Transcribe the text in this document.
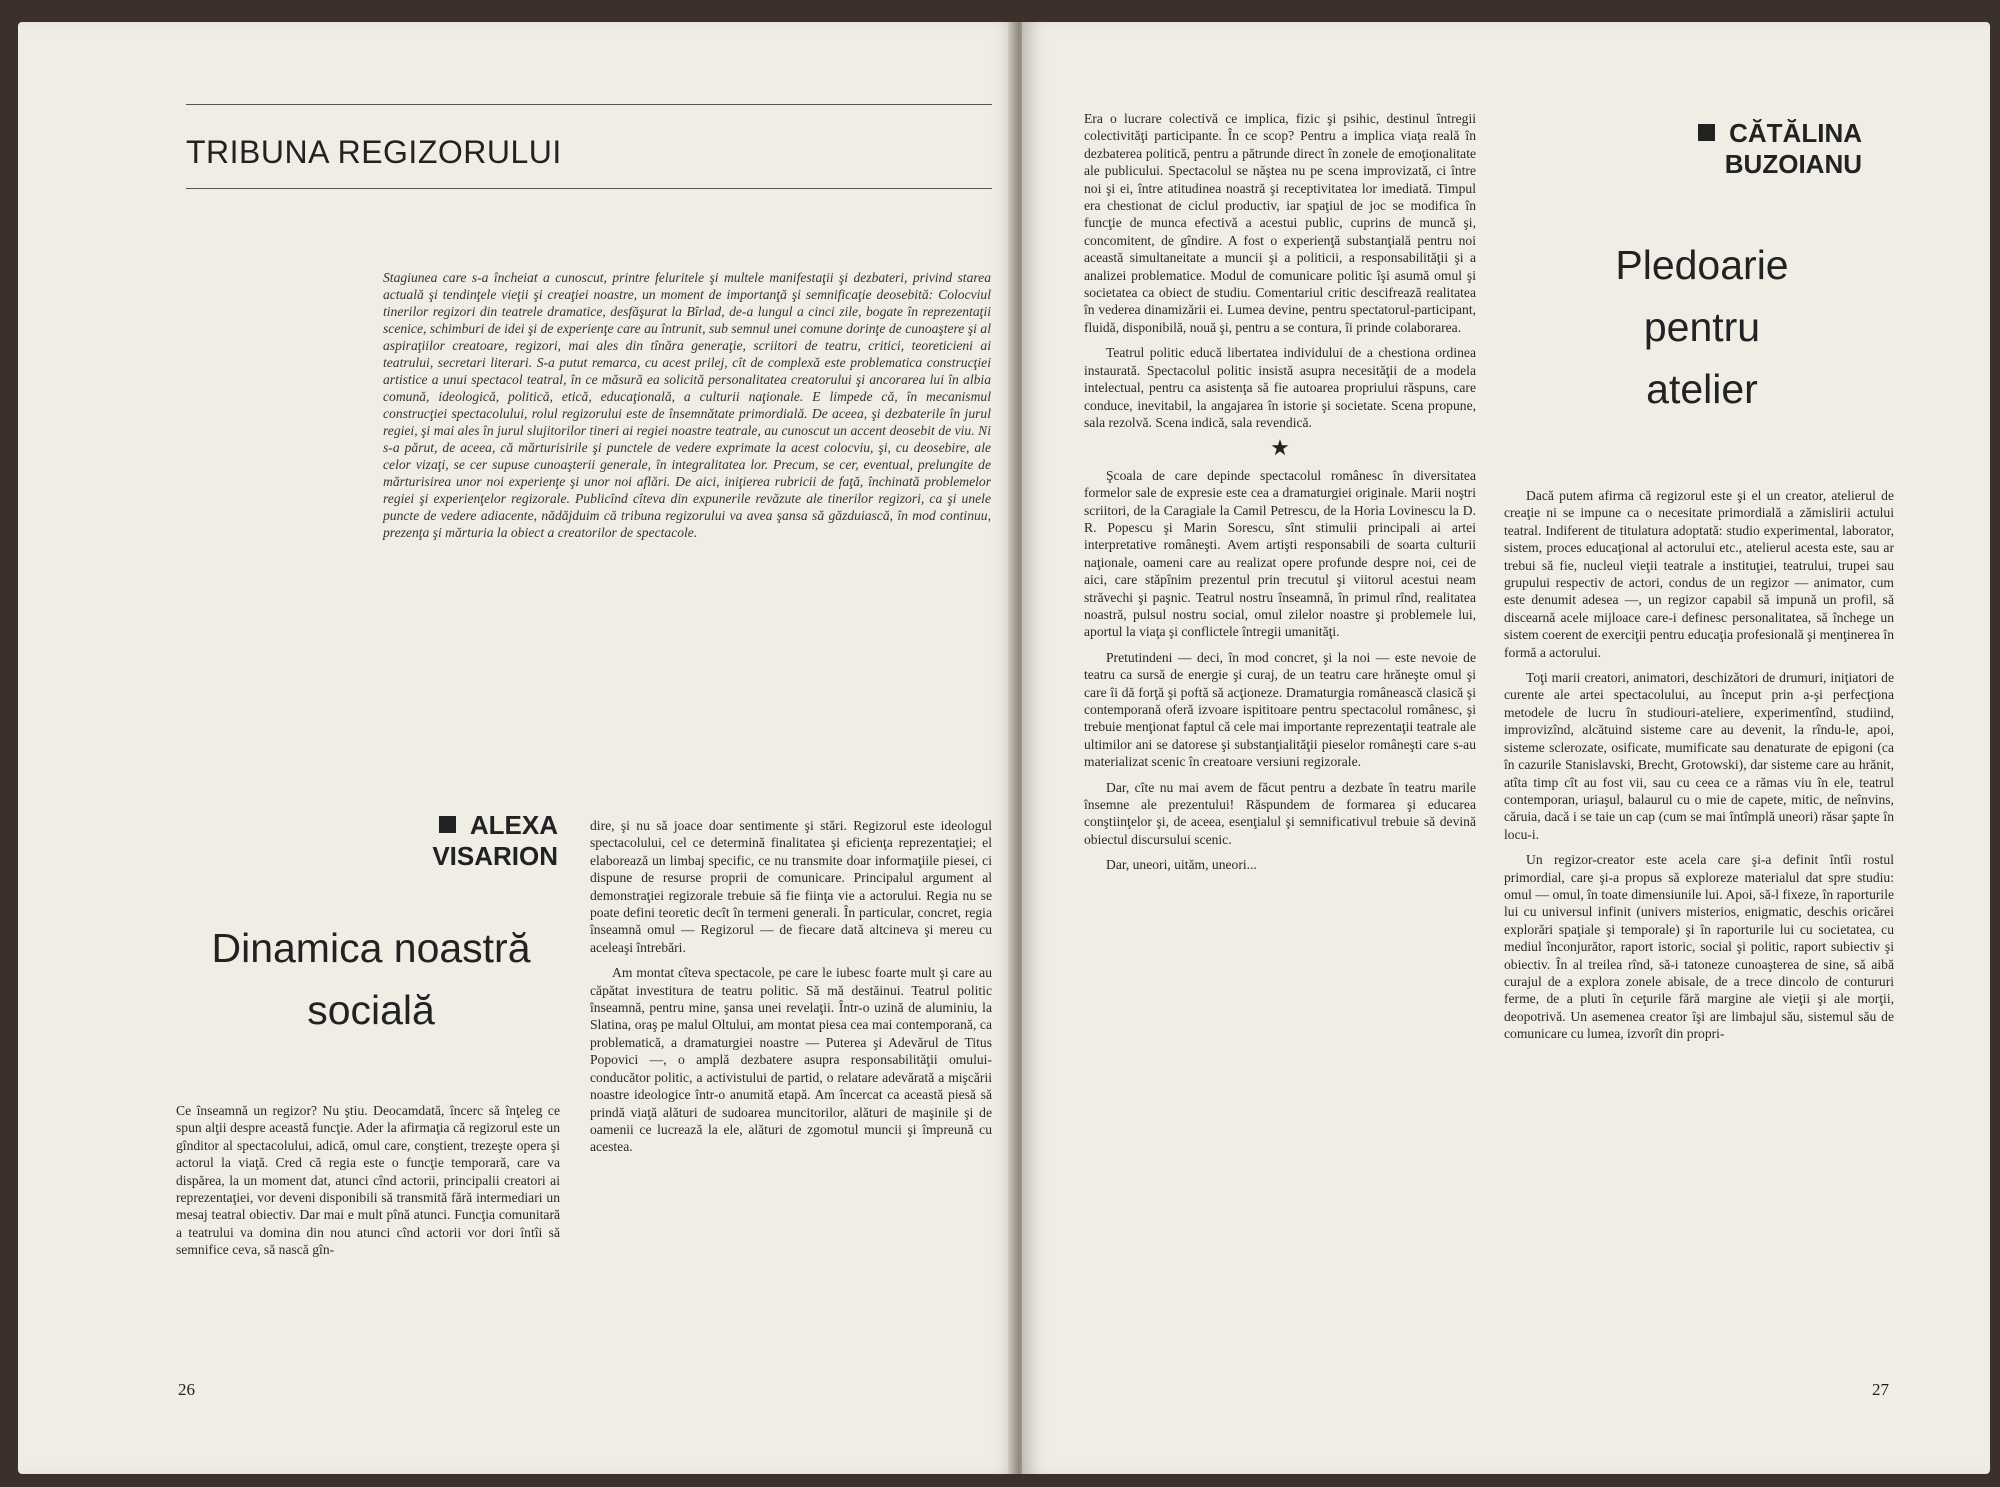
TRIBUNA REGIZORULUI
Stagiunea care s-a încheiat a cunoscut, printre feluritele şi multele manifestaţii şi dezbateri, privind starea actuală şi tendinţele vieţii şi creaţiei noastre, un moment de importanţă şi semnificaţie deosebită: Colocviul tinerilor regizori din teatrele dramatice, desfăşurat la Bîrlad, de-a lungul a cinci zile, bogate în reprezentaţii scenice, schimburi de idei şi de experienţe care au întrunit, sub semnul unei comune dorinţe de cunoaştere şi al aspiraţiilor creatoare, regizori, mai ales din tînăra generaţie, scriitori de teatru, critici, teoreticieni ai teatrului, secretari literari. S-a putut remarca, cu acest prilej, cît de complexă este problematica construcţiei artistice a unui spectacol teatral, în ce măsură ea solicită personalitatea creatorului şi ancorarea lui în albia comună, ideologică, politică, etică, educaţională, a culturii naţionale. E limpede că, în mecanismul construcţiei spectacolului, rolul regizorului este de însemnătate primordială. De aceea, şi dezbaterile în jurul regiei, şi mai ales în jurul slujitorilor tineri ai regiei noastre teatrale, au cunoscut un accent deosebit de viu. Ni s-a părut, de aceea, că mărturisirile şi punctele de vedere exprimate la acest colocviu, şi, cu deosebire, ale celor vizaţi, se cer supuse cunoaşterii generale, în integralitatea lor. Precum, se cer, eventual, prelungite de mărturisirea unor noi experienţe şi unor noi aflări. De aici, iniţierea rubricii de faţă, închinată problemelor regiei şi experienţelor regizorale. Publicînd cîteva din expunerile revăzute ale tinerilor regizori, ca şi unele puncte de vedere adiacente, nădăjduim că tribuna regizorului va avea şansa să găzduiască, în mod continuu, prezenţa şi mărturia la obiect a creatorilor de spectacole.
ALEXA
VISARION
Dinamica noastră
socială

Ce înseamnă un regizor? Nu ştiu. Deocamdată, încerc să înţeleg ce spun alţii despre această funcţie. Ader la afirmaţia că regizorul este un gînditor al spectacolului, adică, omul care, conştient, trezeşte opera şi actorul la viaţă. Cred că regia este o funcţie temporară, care va dispărea, la un moment dat, atunci cînd actorii, principalii creatori ai reprezentaţiei, vor deveni disponibili să transmită fără intermediari un mesaj teatral obiectiv. Dar mai e mult pînă atunci. Funcţia comunitară a teatrului va domina din nou atunci cînd actorii vor dori întîi să semnifice ceva, să nască gîn-

dire, şi nu să joace doar sentimente şi stări. Regizorul este ideologul spectacolului, cel ce determină finalitatea şi eficienţa reprezentaţiei; el elaborează un limbaj specific, ce nu transmite doar informaţiile piesei, ci dispune de resurse proprii de comunicare. Principalul argument al demonstraţiei regizorale trebuie să fie fiinţa vie a actorului. Regia nu se poate defini teoretic decît în termeni generali. În particular, concret, regia înseamnă omul — Regizorul — de fiecare dată altcineva şi mereu cu aceleaşi întrebări.

Am montat cîteva spectacole, pe care le iubesc foarte mult şi care au căpătat investitura de teatru politic. Să mă destăinui. Teatrul politic înseamnă, pentru mine, şansa unei revelaţii. Într-o uzină de aluminiu, la Slatina, oraş pe malul Oltului, am montat piesa cea mai contemporană, ca problematică, a dramaturgiei noastre — Puterea şi Adevărul de Titus Popovici —, o amplă dezbatere asupra responsabilităţii omului-conducător politic, a activistului de partid, o relatare adevărată a mişcării noastre ideologice într-o anumită etapă. Am încercat ca această piesă să prindă viaţă alături de sudoarea muncitorilor, alături de maşinile şi de oamenii ce lucrează la ele, alături de zgomotul muncii şi împreună cu acestea.

26

Era o lucrare colectivă ce implica, fizic şi psihic, destinul întregii colectivităţi participante. În ce scop? Pentru a implica viaţa reală în dezbaterea politică, pentru a pătrunde direct în zonele de emoţionalitate ale publicului. Spectacolul se năştea nu pe scena improvizată, ci între noi şi ei, între atitudinea noastră şi receptivitatea lor imediată. Timpul era chestionat de ciclul productiv, iar spaţiul de joc se modifica în funcţie de munca efectivă a acestui public, cuprins de muncă şi, concomitent, de gîndire. A fost o experienţă substanţială pentru noi această simultaneitate a muncii şi a politicii, a responsabilităţii şi a analizei problematice. Modul de comunicare politic îşi asumă omul şi societatea ca obiect de studiu. Comentariul critic descifrează realitatea în vederea dinamizării ei. Lumea devine, pentru spectatorul-participant, fluidă, disponibilă, nouă şi, pentru a se contura, îi prinde colaborarea.

Teatrul politic educă libertatea individului de a chestiona ordinea instaurată. Spectacolul politic insistă asupra necesităţii de a modela intelectual, pentru ca asistenţa să fie autoarea propriului răspuns, care conduce, inevitabil, la angajarea în istorie şi societate. Scena propune, sala rezolvă. Scena indică, sala revendică.

★

Şcoala de care depinde spectacolul românesc în diversitatea formelor sale de expresie este cea a dramaturgiei originale. Marii noştri scriitori, de la Caragiale la Camil Petrescu, de la Horia Lovinescu la D. R. Popescu şi Marin Sorescu, sînt stimulii principali ai artei interpretative româneşti. Avem artişti responsabili de soarta culturii naţionale, oameni care au realizat opere profunde despre noi, cei de aici, care stăpînim prezentul prin trecutul şi viitorul acestui neam străvechi şi paşnic. Teatrul nostru înseamnă, în primul rînd, realitatea noastră, pulsul nostru social, omul zilelor noastre şi problemele lui, aportul la viaţa şi conflictele întregii umanităţi.

Pretutindeni — deci, în mod concret, şi la noi — este nevoie de teatru ca sursă de energie şi curaj, de un teatru care hrăneşte omul şi care îi dă forţă şi poftă să acţioneze. Dramaturgia românească clasică şi contemporană oferă izvoare ispititoare pentru spectacolul românesc, şi trebuie menţionat faptul că cele mai importante reprezentaţii teatrale ale ultimilor ani se datorese şi substanţialităţii pieselor româneşti care s-au materializat scenic în creatoare versiuni regizorale.

Dar, cîte nu mai avem de făcut pentru a dezbate în teatru marile însemne ale prezentului! Răspundem de formarea şi educarea conştiinţelor şi, de aceea, esenţialul şi semnificativul trebuie să devină obiectul discursului scenic.

Dar, uneori, uităm, uneori...

CĂTĂLINA
BUZOIANU
Pledoarie
pentru
atelier

Dacă putem afirma că regizorul este şi el un creator, atelierul de creaţie ni se impune ca o necesitate primordială a zămislirii actului teatral. Indiferent de titulatura adoptată: studio experimental, laborator, sistem, proces educaţional al actorului etc., atelierul acesta este, sau ar trebui să fie, nucleul vieţii teatrale a instituţiei, teatrului, trupei sau grupului respectiv de actori, condus de un regizor — animator, cum este denumit adesea —, un regizor capabil să impună un profil, să discearnă acele mijloace care-i definesc personalitatea, să închege un sistem coerent de exerciţii pentru educaţia profesională şi menţinerea în formă a actorului.

Toţi marii creatori, animatori, deschizători de drumuri, iniţiatori de curente ale artei spectacolului, au început prin a-şi perfecţiona metodele de lucru în studiouri-ateliere, experimentînd, studiind, improvizînd, alcătuind sisteme care au devenit, la rîndu-le, apoi, sisteme sclerozate, osificate, mumificate sau denaturate de epigoni (ca în cazurile Stanislavski, Brecht, Grotowski), dar sisteme care au hrănit, atîta timp cît au fost vii, sau cu ceea ce a rămas viu în ele, teatrul contemporan, uriaşul, balaurul cu o mie de capete, mitic, de neînvins, căruia, dacă i se taie un cap (cum se mai întîmplă uneori) răsar şapte în locu-i.

Un regizor-creator este acela care şi-a definit întîi rostul primordial, care şi-a propus să exploreze materialul dat spre studiu: omul — omul, în toate dimensiunile lui. Apoi, să-l fixeze, în raporturile lui cu universul infinit (univers misterios, enigmatic, deschis oricărei explorări spaţiale şi temporale) şi în raporturile lui cu societatea, cu mediul înconjurător, raport istoric, social şi politic, raport subiectiv şi obiectiv. În al treilea rînd, să-i tatoneze cunoaşterea de sine, să aibă curajul de a explora zonele abisale, de a trece dincolo de contururi ferme, de a pluti în ceţurile fără margine ale vieţii şi ale morţii, deopotrivă. Un asemenea creator îşi are limbajul său, sistemul său de comunicare cu lumea, izvorît din propri-

27
